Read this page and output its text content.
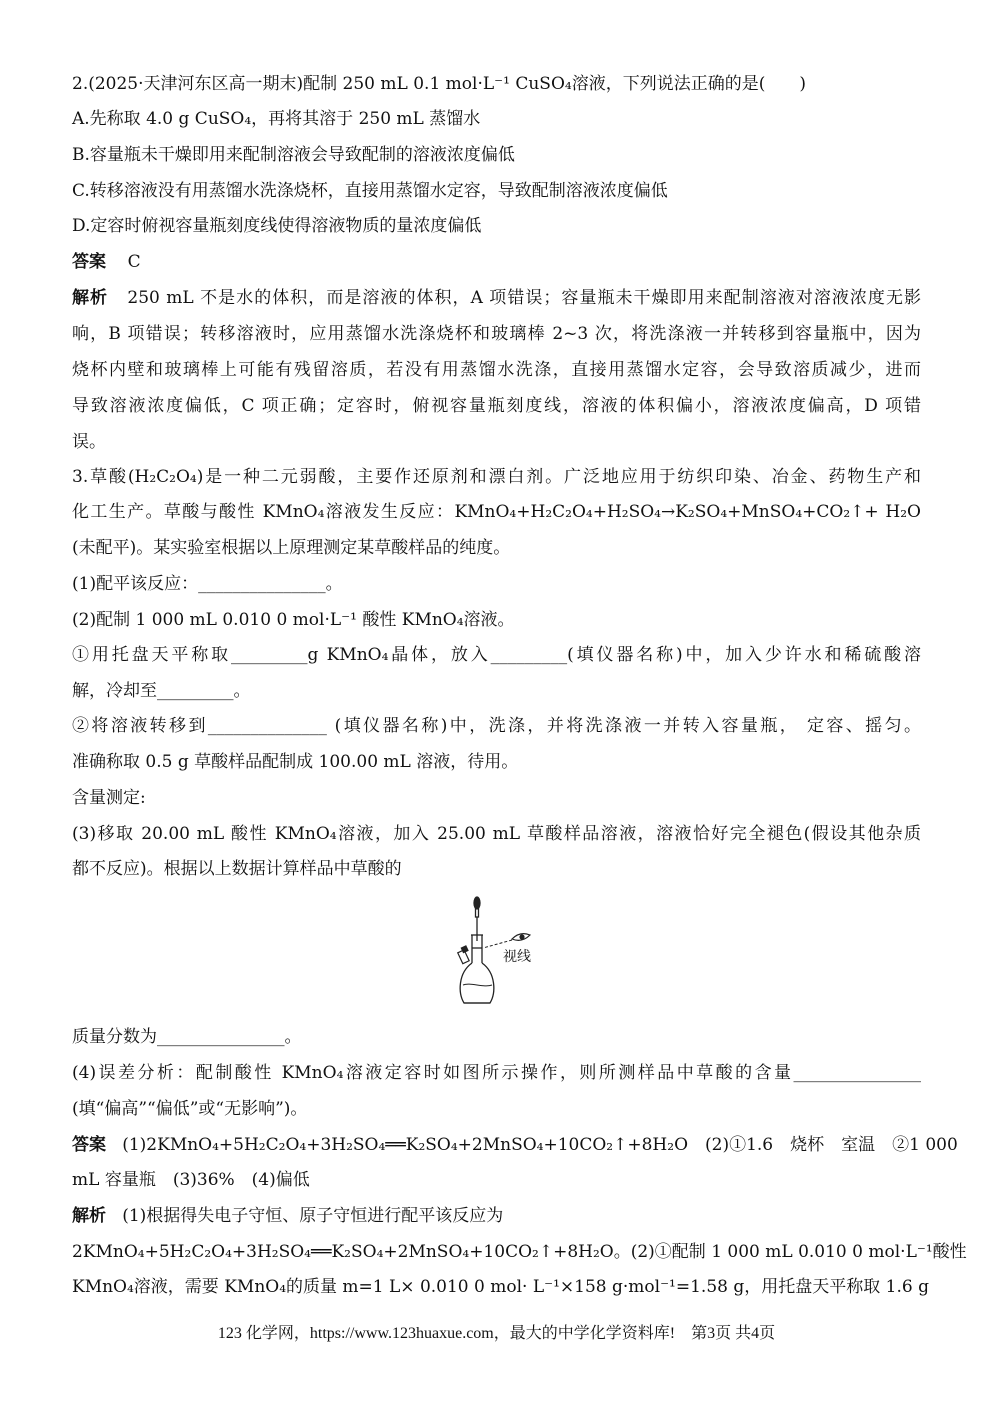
2.(2025·天津河东区高一期末)配制 250 mL 0.1 mol·L⁻¹ CuSO₄溶液，下列说法正确的是(　　)
A.先称取 4.0 g CuSO₄，再将其溶于 250 mL 蒸馏水
B.容量瓶未干燥即用来配制溶液会导致配制的溶液浓度偏低
C.转移溶液没有用蒸馏水洗涤烧杯，直接用蒸馏水定容，导致配制溶液浓度偏低
D.定容时俯视容量瓶刻度线使得溶液物质的量浓度偏低
答案 C
解析 250 mL 不是水的体积，而是溶液的体积，A 项错误；容量瓶未干燥即用来配制溶液对溶液浓度无影
响，B 项错误；转移溶液时，应用蒸馏水洗涤烧杯和玻璃棒 2~3 次，将洗涤液一并转移到容量瓶中，因为
烧杯内壁和玻璃棒上可能有残留溶质，若没有用蒸馏水洗涤，直接用蒸馏水定容，会导致溶质减少，进而
导致溶液浓度偏低，C 项正确；定容时，俯视容量瓶刻度线，溶液的体积偏小，溶液浓度偏高，D 项错
误。
3.草酸(H₂C₂O₄)是一种二元弱酸，主要作还原剂和漂白剂。广泛地应用于纺织印染、冶金、药物生产和
化工生产。草酸与酸性 KMnO₄溶液发生反应：KMnO₄+H₂C₂O₄+H₂SO₄→K₂SO₄+MnSO₄+CO₂↑+ H₂O
(未配平)。某实验室根据以上原理测定某草酸样品的纯度。
(1)配平该反应：_______________。
(2)配制 1 000 mL 0.010 0 mol·L⁻¹ 酸性 KMnO₄溶液。
①用托盘天平称取_________g KMnO₄晶体，放入_________(填仪器名称)中，加入少许水和稀硫酸溶
解，冷却至_________。
②将溶液转移到______________ (填仪器名称)中，洗涤，并将洗涤液一并转入容量瓶， 定容、摇匀。
准确称取 0.5 g 草酸样品配制成 100.00 mL 溶液，待用。
含量测定:
(3)移取 20.00 mL 酸性 KMnO₄溶液，加入 25.00 mL 草酸样品溶液，溶液恰好完全褪色(假设其他杂质
都不反应)。根据以上数据计算样品中草酸的
视线
质量分数为_______________。
(4)误差分析：配制酸性 KMnO₄溶液定容时如图所示操作，则所测样品中草酸的含量_______________
(填“偏高”“偏低”或“无影响”)。
答案 (1)2KMnO₄+5H₂C₂O₄+3H₂SO₄══K₂SO₄+2MnSO₄+10CO₂↑+8H₂O　(2)①1.6　烧杯　室温　②1 000
mL 容量瓶　(3)36%　(4)偏低
解析 (1)根据得失电子守恒、原子守恒进行配平该反应为
2KMnO₄+5H₂C₂O₄+3H₂SO₄══K₂SO₄+2MnSO₄+10CO₂↑+8H₂O。(2)①配制 1 000 mL 0.010 0 mol·L⁻¹酸性
KMnO₄溶液，需要 KMnO₄的质量 m=1 L× 0.010 0 mol· L⁻¹×158 g·mol⁻¹=1.58 g，用托盘天平称取 1.6 g
123 化学网，https://www.123huaxue.com，最大的中学化学资料库!　第3页 共4页
